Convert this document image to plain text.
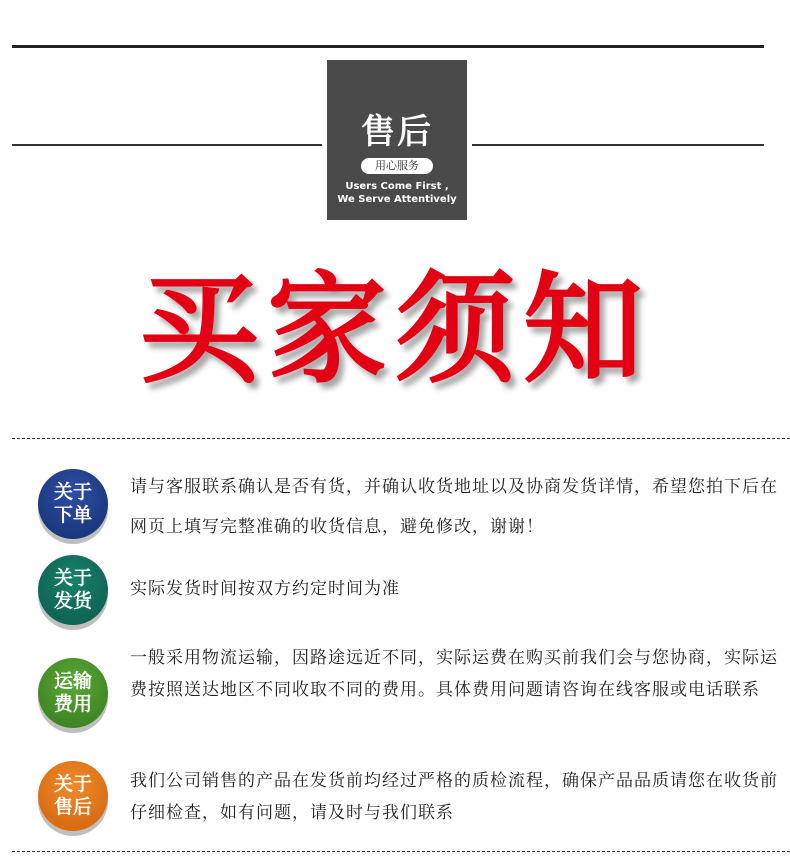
售后
用心服务
Users Come First ,
We Serve Attentively
买家须知
关于
下单
请与客服联系确认是否有货，并确认收货地址以及协商发货详情，希望您拍下后在网页上填写完整准确的收货信息，避免修改，谢谢！
关于
发货
实际发货时间按双方约定时间为准
运输
费用
一般采用物流运输，因路途远近不同，实际运费在购买前我们会与您协商，实际运费按照送达地区不同收取不同的费用。具体费用问题请咨询在线客服或电话联系
关于
售后
我们公司销售的产品在发货前均经过严格的质检流程，确保产品品质请您在收货前仔细检查，如有问题，请及时与我们联系
